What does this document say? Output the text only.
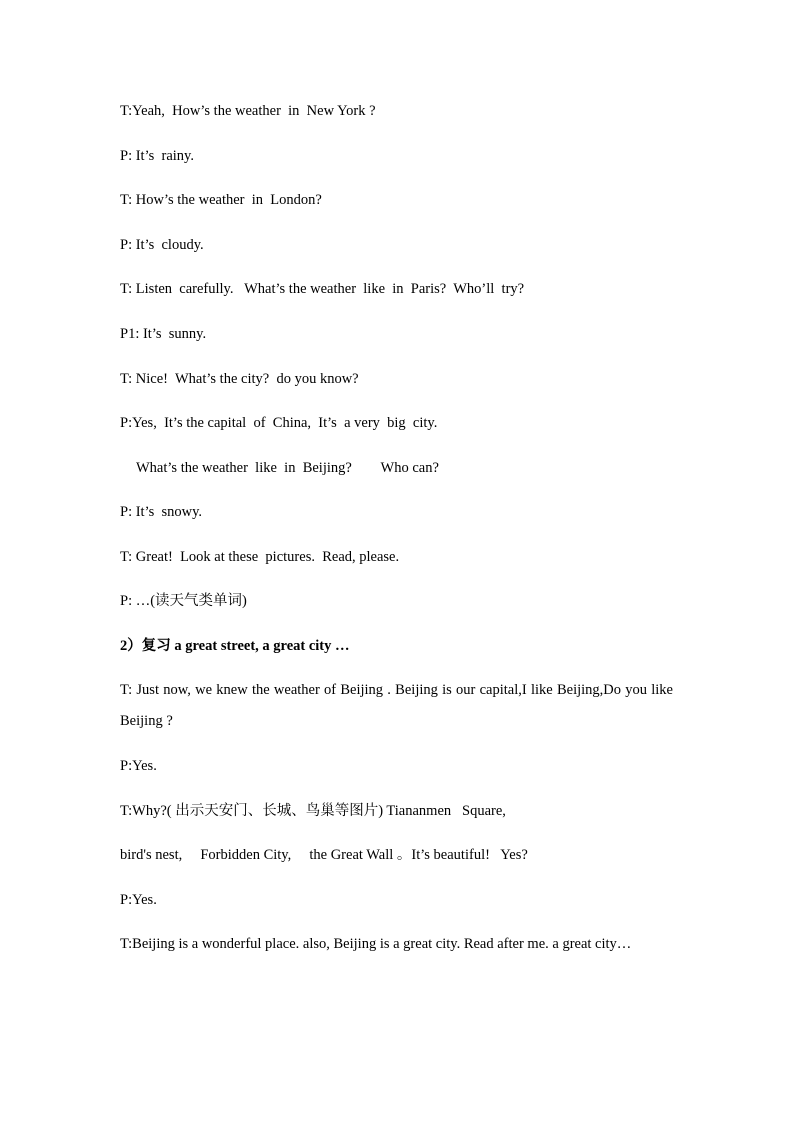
T:Yeah,  How’s the weather  in  New York ?
P: It’s  rainy.
T: How’s the weather  in  London?
P: It’s  cloudy.
T: Listen  carefully.   What’s the weather  like  in  Paris?  Who’ll  try?
P1: It’s  sunny.
T: Nice!  What’s the city?  do you know?
P:Yes,  It’s the capital  of  China,  It’s  a very  big  city.
What’s the weather  like  in  Beijing?        Who can?
P: It’s  snowy.
T: Great!  Look at these  pictures.  Read, please.
P: …(读天气类单词)
2）复习 a great street, a great city …
T: Just now, we knew the weather of Beijing . Beijing is our capital,I like Beijing,Do you like Beijing ?
P:Yes.
T:Why?( 出示天安门、长城、鸟巢等图片) Tiananmen   Square,
bird's nest,     Forbidden City,     the Great Wall 。It’s beautiful!   Yes?
P:Yes.
T:Beijing is a wonderful place. also, Beijing is a great city. Read after me. a great city…
